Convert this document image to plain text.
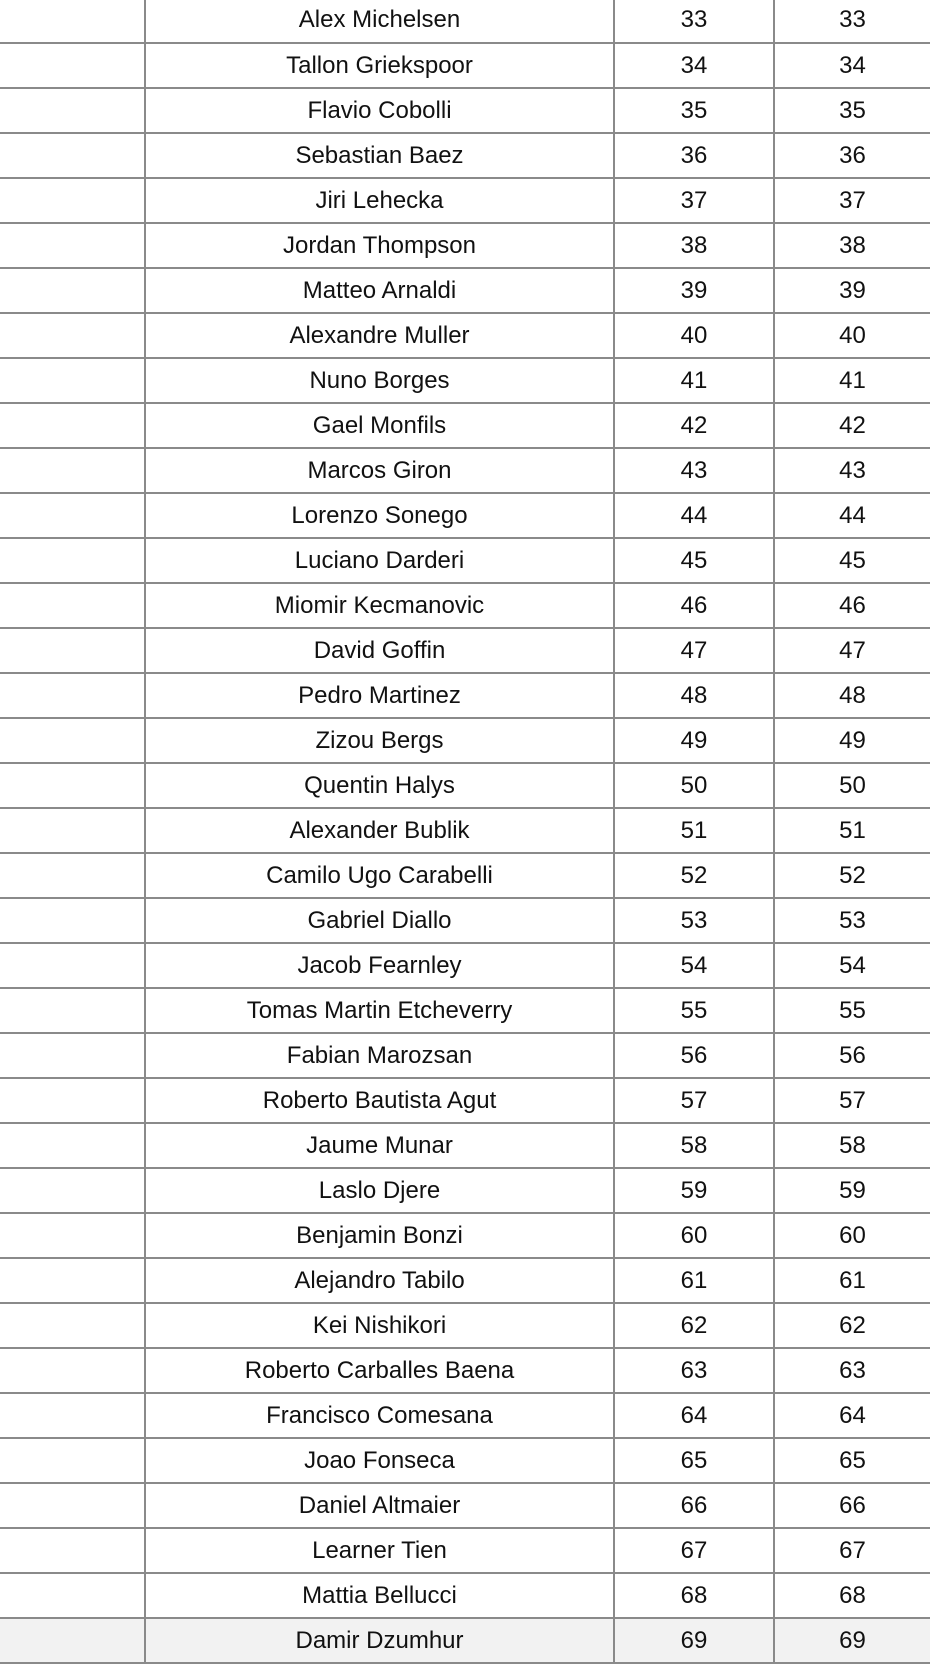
	Alex Michelsen	33	33
	Tallon Griekspoor	34	34
	Flavio Cobolli	35	35
	Sebastian Baez	36	36
	Jiri Lehecka	37	37
	Jordan Thompson	38	38
	Matteo Arnaldi	39	39
	Alexandre Muller	40	40
	Nuno Borges	41	41
	Gael Monfils	42	42
	Marcos Giron	43	43
	Lorenzo Sonego	44	44
	Luciano Darderi	45	45
	Miomir Kecmanovic	46	46
	David Goffin	47	47
	Pedro Martinez	48	48
	Zizou Bergs	49	49
	Quentin Halys	50	50
	Alexander Bublik	51	51
	Camilo Ugo Carabelli	52	52
	Gabriel Diallo	53	53
	Jacob Fearnley	54	54
	Tomas Martin Etcheverry	55	55
	Fabian Marozsan	56	56
	Roberto Bautista Agut	57	57
	Jaume Munar	58	58
	Laslo Djere	59	59
	Benjamin Bonzi	60	60
	Alejandro Tabilo	61	61
	Kei Nishikori	62	62
	Roberto Carballes Baena	63	63
	Francisco Comesana	64	64
	Joao Fonseca	65	65
	Daniel Altmaier	66	66
	Learner Tien	67	67
	Mattia Bellucci	68	68
	Damir Dzumhur	69	69
